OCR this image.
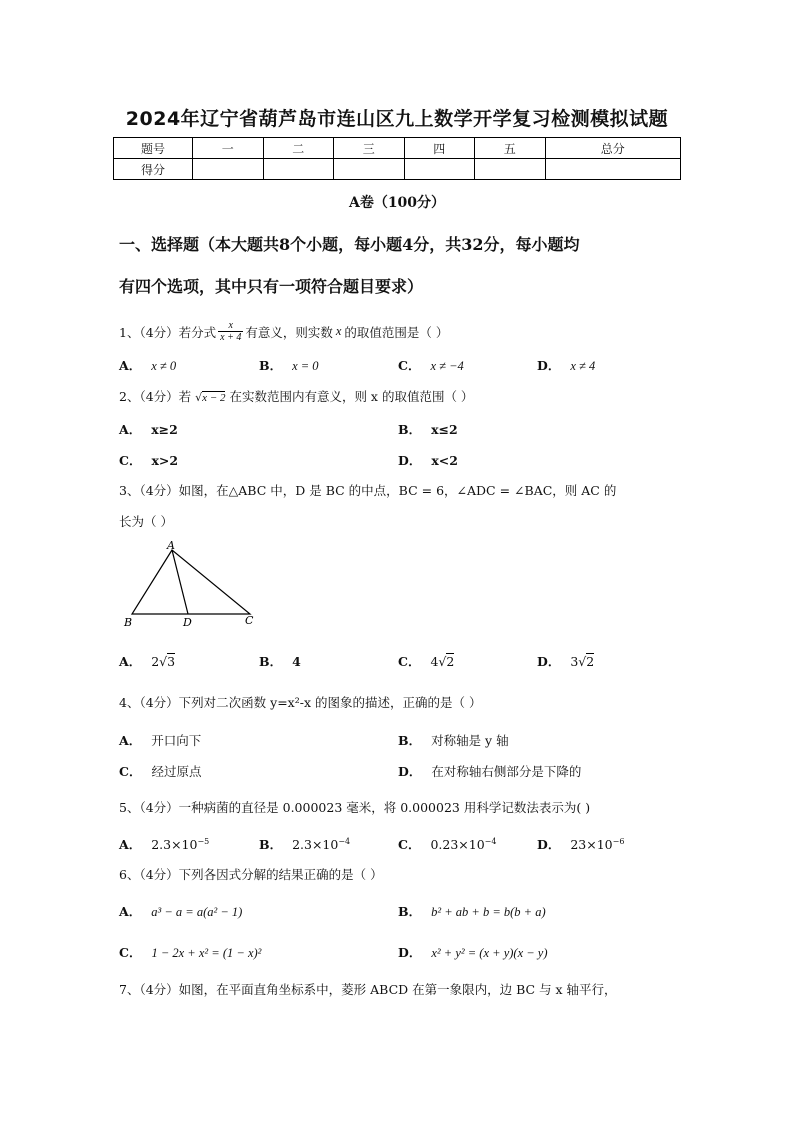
2024年辽宁省葫芦岛市连山区九上数学开学复习检测模拟试题
题号	一	二	三	四	五	总分
得分						
A卷（100分）
一、选择题（本大题共8个小题，每小题4分，共32分，每小题均
有四个选项，其中只有一项符合题目要求）
1、（4分）若分式 x
x + 4 有意义，则实数 x 的取值范围是（ ）
A． x ≠ 0	B． x = 0	C． x ≠ −4	D． x ≠ 4
2、（4分）若 √x − 2 在实数范围内有意义，则 x 的取值范围（ ）
A． x≥2	B． x≤2
C． x>2	D． x<2
3、（4分）如图，在△ABC 中，D 是 BC 的中点，BC = 6，∠ADC = ∠BAC，则 AC 的
长为（ ）
A
B	D	C
A． 2√3	B． 4	C． 4√2	D． 3√2
4、（4分）下列对二次函数 y=x²-x 的图象的描述，正确的是（ ）
A． 开口向下	B． 对称轴是 y 轴
C． 经过原点	D． 在对称轴右侧部分是下降的
5、（4分）一种病菌的直径是 0.000023 毫米，将 0.000023 用科学记数法表示为( )
A． $2.3\times 10^{-5}$	B． $2.3\times 10^{-4}$	C． $0.23\times 10^{-4}$	D． $23\times 10^{-6}$
6、（4分）下列各因式分解的结果正确的是（ ）
A． a³ − a = a(a² − 1)	B． b² + ab + b = b(b + a)
C． 1 − 2x + x² = (1 − x)²	D． x² + y² = (x + y)(x − y)
7、（4分）如图，在平面直角坐标系中，菱形 ABCD 在第一象限内，边 BC 与 x 轴平行，
